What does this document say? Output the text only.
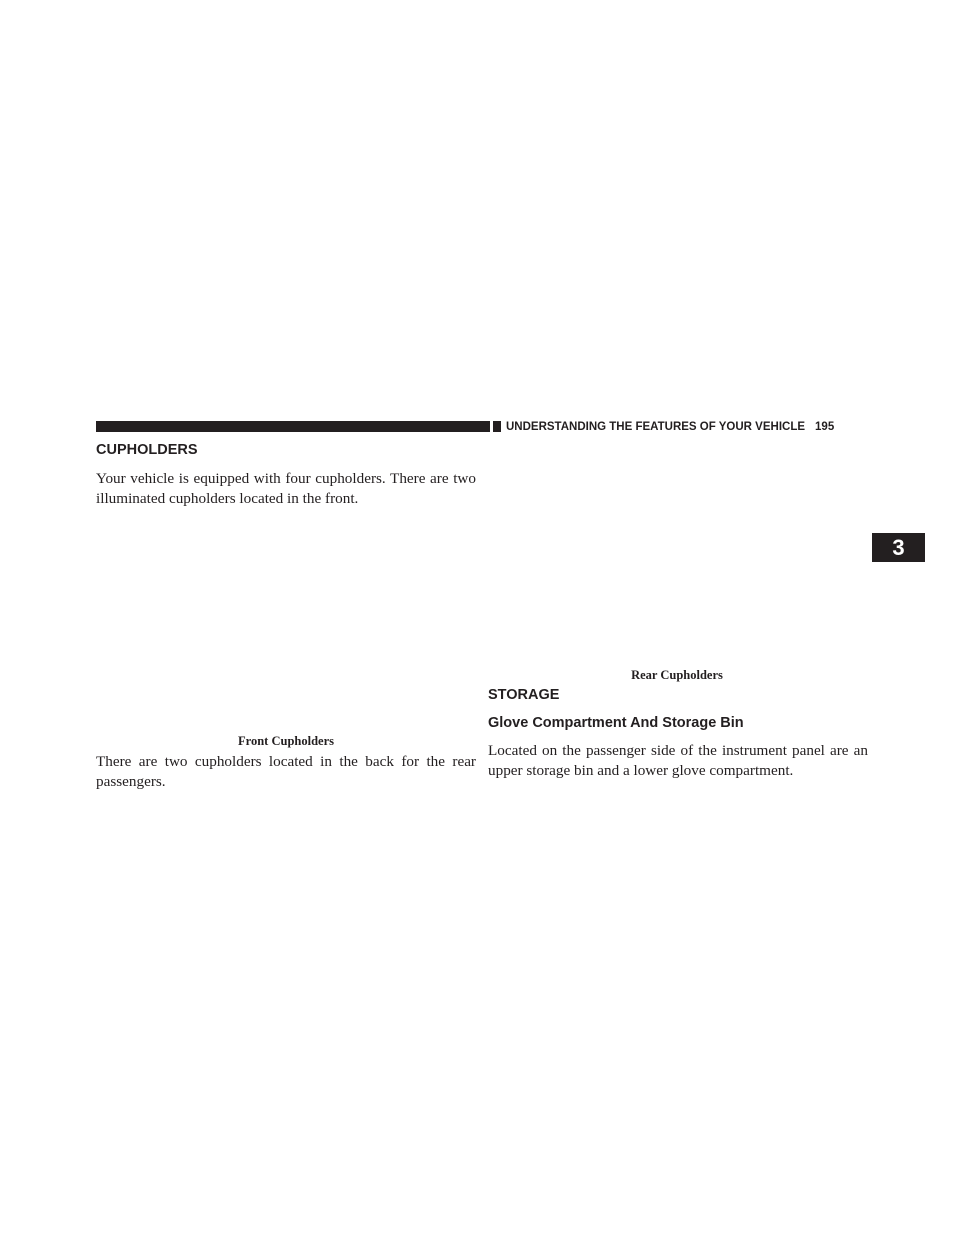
UNDERSTANDING THE FEATURES OF YOUR VEHICLE 195
3
CUPHOLDERS

Your vehicle is equipped with four cupholders. There are two illuminated cupholders located in the front.

Front Cupholders

There are two cupholders located in the back for the rear passengers.

Rear Cupholders

STORAGE
Glove Compartment And Storage Bin

Located on the passenger side of the instrument panel are an upper storage bin and a lower glove compartment.
